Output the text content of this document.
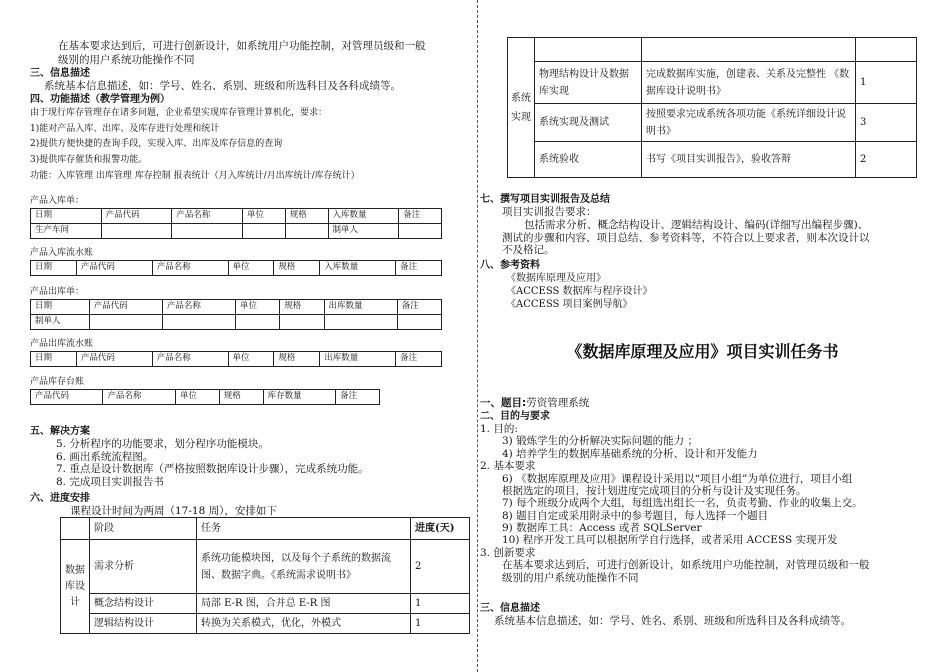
在基本要求达到后，可进行创新设计，如系统用户功能控制，对管理员级和一般

级别的用户系统功能操作不同

三、信息描述

系统基本信息描述，如：学号、姓名、系别、班级和所选科目及各科成绩等。

四、功能描述（教学管理为例）

由于现行库存管理存在诸多问题，企业希望实现库存管理计算机化，要求：

1)能对产品入库、出库、及库存进行处理和统计

2)提供方便快捷的查询手段，实现入库、出库及库存信息的查询

3)提供库存催货和报警功能。

功能：入库管理 出库管理 库存控制 报表统计（月入库统计/月出库统计/库存统计）

产品入库单：

日期	产品代码	产品名称	单位	规格	入库数量	备注
生产车间					制单人	

产品入库流水账

日期	产品代码	产品名称	单位	规格	入库数量	备注

产品出库单：

日期	产品代码	产品名称	单位	规格	出库数量	备注
制单人						

产品出库流水账

日期	产品代码	产品名称	单位	规格	出库数量	备注

产品库存台账

产品代码	产品名称	单位	规格	库存数量	备注

五、解决方案

5. 分析程序的功能要求，划分程序功能模块。

6. 画出系统流程图。

7. 重点是设计数据库（严格按照数据库设计步骤），完成系统功能。

8. 完成项目实训报告书

六、进度安排

课程设计时间为两周（17-18 周），安排如下

	阶段	任务	进度(天)
数据库设计	需求分析	系统功能模块图，以及每个子系统的数据流图、数据字典。《系统需求说明书》	2
	概念结构设计	局部 E-R 图，合并总 E-R 图	1
	逻辑结构设计	转换为关系模式，优化，外模式	1
系统实现			
	物理结构设计及数据库实现	完成数据库实施，创建表、关系及完整性 《数据库设计说明书》	1
	系统实现及测试	按照要求完成系统各项功能《系统详细设计说明书》	3
	系统验收	书写《项目实训报告》，验收答辩	2

七、撰写项目实训报告及总结

项目实训报告要求：

包括需求分析、概念结构设计、逻辑结构设计、编码(详细写出编程步骤)、

测试的步骤和内容、项目总结、参考资料等，不符合以上要求者，则本次设计以

不及格记。

八、参考资料

《数据库原理及应用》

《ACCESS 数据库与程序设计》

《ACCESS 项目案例导航》

《数据库原理及应用》项目实训任务书

一、题目:劳资管理系统

二、目的与要求

1. 目的:

3) 锻炼学生的分析解决实际问题的能力 ；

4) 培养学生的数据库基础系统的分析、设计和开发能力

2. 基本要求

6) 《数据库原理及应用》课程设计采用以“项目小组”为单位进行，项目小组

根据选定的项目，按计划进度完成项目的分析与设计及实现任务。

7) 每个班级分成两个大组，每组选出组长一名，负责考勤、作业的收集上交。

8) 题目自定或采用附录中的参考题目，每人选择一个题目

9) 数据库工具：Access 或者 SQLServer

10) 程序开发工具可以根据所学自行选择，或者采用 ACCESS 实现开发

3. 创新要求

在基本要求达到后，可进行创新设计，如系统用户功能控制，对管理员级和一般

级别的用户系统功能操作不同

三、信息描述

系统基本信息描述，如：学号、姓名、系别、班级和所选科目及各科成绩等。
